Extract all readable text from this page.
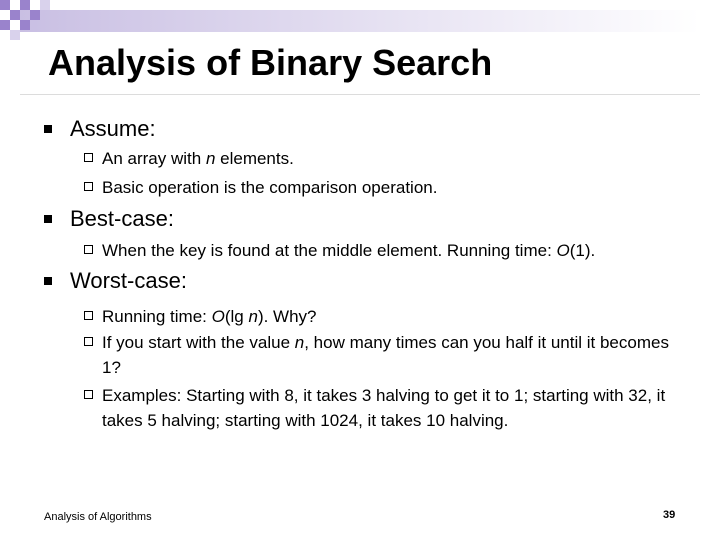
Analysis of Binary Search
Assume:
An array with n elements.
Basic operation is the comparison operation.
Best-case:
When the key is found at the middle element. Running time: O(1).
Worst-case:
Running time: O(lg n). Why?
If you start with the value n, how many times can you half it until it becomes 1?
Examples: Starting with 8, it takes 3 halving to get it to 1; starting with 32, it takes 5 halving; starting with 1024, it takes 10 halving.
Analysis of Algorithms	39
